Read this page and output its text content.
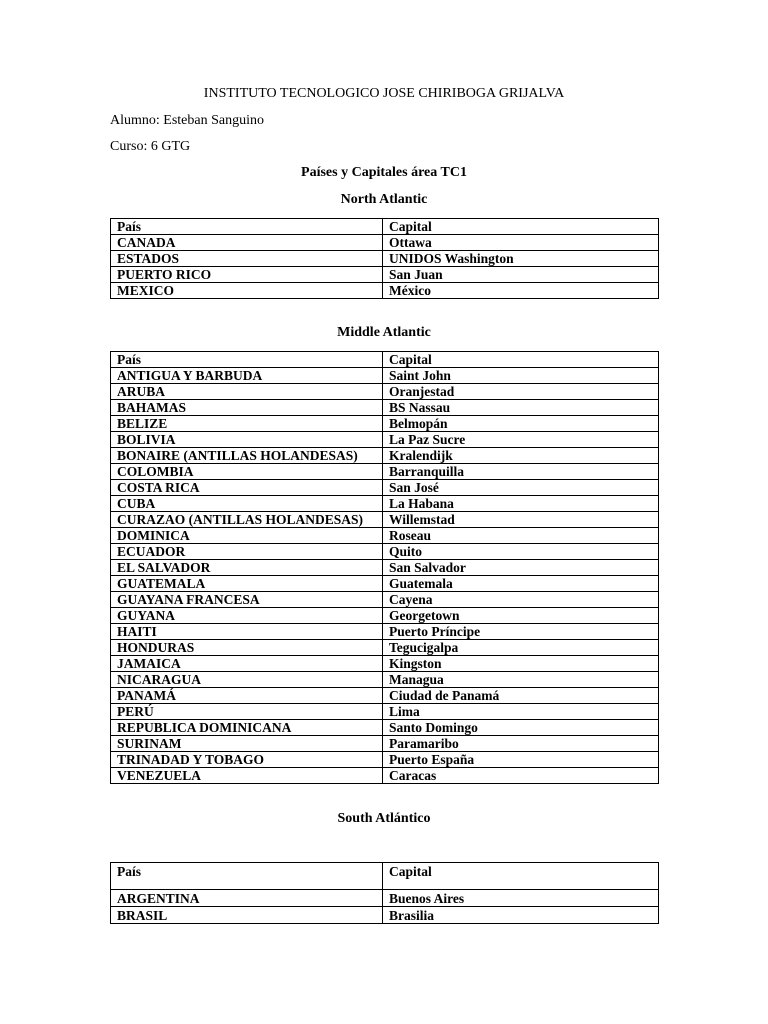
INSTITUTO TECNOLOGICO JOSE CHIRIBOGA GRIJALVA
Alumno: Esteban Sanguino
Curso: 6 GTG
Países y Capitales área TC1
North Atlantic
País	Capital
CANADA	Ottawa
ESTADOS	UNIDOS Washington
PUERTO RICO	San Juan
MEXICO	México
Middle Atlantic
País	Capital
ANTIGUA Y BARBUDA	Saint John
ARUBA	Oranjestad
BAHAMAS	BS Nassau
BELIZE	Belmopán
BOLIVIA	La Paz Sucre
BONAIRE (ANTILLAS HOLANDESAS)	Kralendijk
COLOMBIA	Barranquilla
COSTA RICA	San José
CUBA	La Habana
CURAZAO (ANTILLAS HOLANDESAS)	Willemstad
DOMINICA	Roseau
ECUADOR	Quito
EL SALVADOR	San Salvador
GUATEMALA	Guatemala
GUAYANA FRANCESA	Cayena
GUYANA	Georgetown
HAITI	Puerto Príncipe
HONDURAS	Tegucigalpa
JAMAICA	Kingston
NICARAGUA	Managua
PANAMÁ	Ciudad de Panamá
PERÚ	Lima
REPUBLICA DOMINICANA	Santo Domingo
SURINAM	Paramaribo
TRINADAD Y TOBAGO	Puerto España
VENEZUELA	Caracas
South Atlántico
País	Capital
ARGENTINA	Buenos Aires
BRASIL	Brasilia
